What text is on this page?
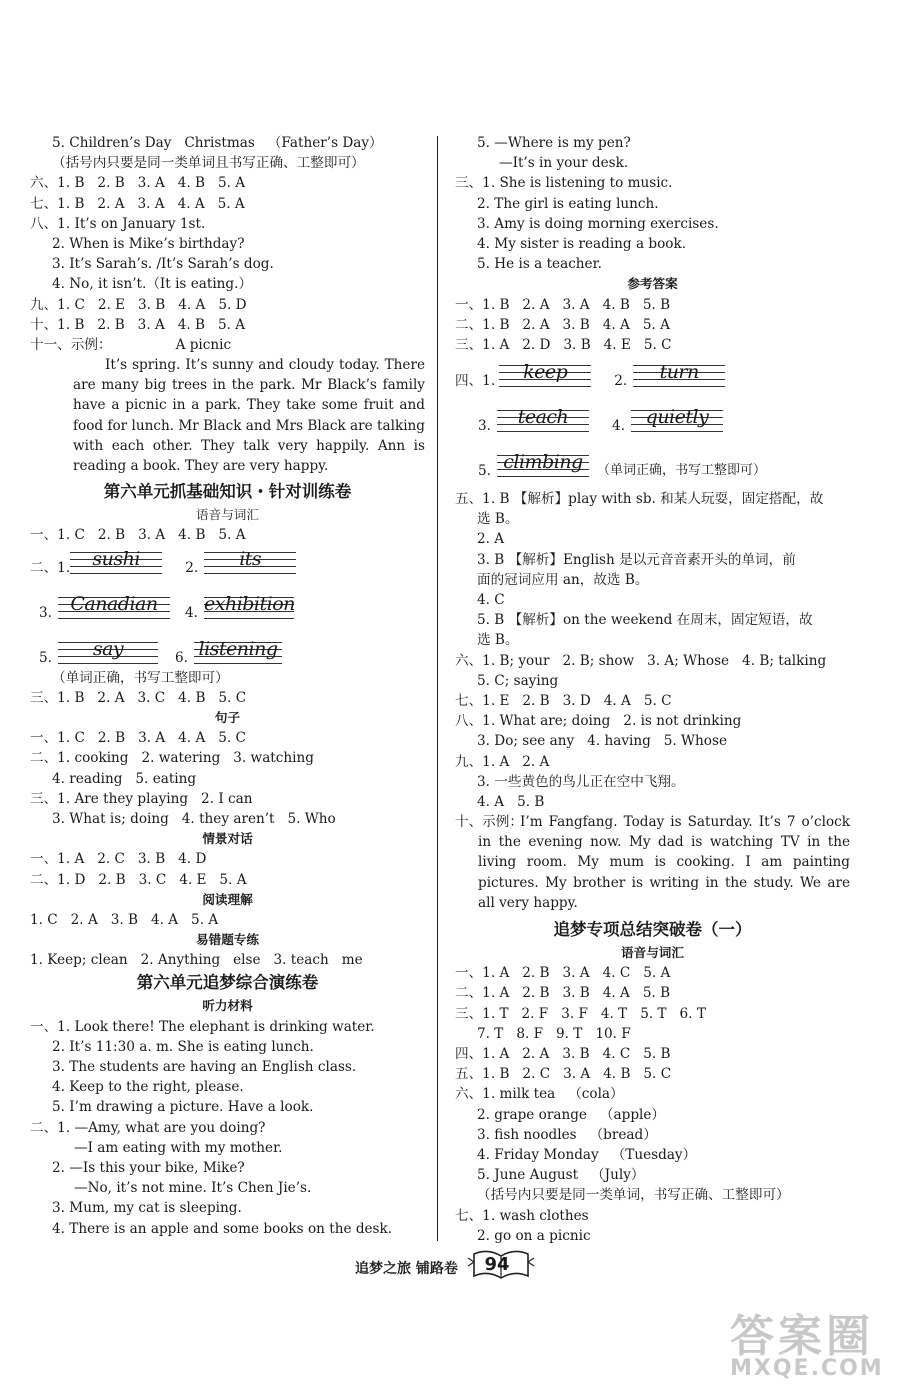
5. Children’s Day   Christmas   （Father’s Day）
（括号内只要是同一类单词且书写正确、工整即可）
六、1. B   2. B   3. A   4. B   5. A
七、1. B   2. A   3. A   4. A   5. A
八、1. It’s on January 1st.
2. When is Mike’s birthday?
3. It’s Sarah’s. /It’s Sarah’s dog.
4. No, it isn’t.（It is eating.）
九、1. C   2. E   3. B   4. A   5. D
十、1. B   2. B   3. A   4. B   5. A
十一、示例：	A picnic
It’s spring. It’s sunny and cloudy today. There are many big trees in the park. Mr Black’s family have a picnic in a park. They take some fruit and food for lunch. Mr Black and Mrs Black are talking with each other. They talk very happily. Ann is reading a book. They are very happy.
第六单元抓基础知识・针对训练卷
语音与词汇
一、1. C   2. B   3. A   4. B   5. A
二、1.	sushi	2.	its
3. Canadian	4. exhibition
5.	say	6. listening
（单词正确，书写工整即可）
三、1. B   2. A   3. C   4. B   5. C
句子
一、1. C   2. B   3. A   4. A   5. C
二、1. cooking   2. watering   3. watching
4. reading   5. eating
三、1. Are they playing   2. I can
3. What is; doing   4. they aren’t   5. Who
情景对话
一、1. A   2. C   3. B   4. D
二、1. D   2. B   3. C   4. E   5. A
阅读理解
1. C   2. A   3. B   4. A   5. A
易错题专练
1. Keep; clean   2. Anything   else   3. teach   me
第六单元追梦综合演练卷
听力材料
一、1. Look there! The elephant is drinking water.
2. It’s 11:30 a. m. She is eating lunch.
3. The students are having an English class.
4. Keep to the right, please.
5. I’m drawing a picture. Have a look.
二、1. —Amy, what are you doing?
—I am eating with my mother.
2. —Is this your bike, Mike?
—No, it’s not mine. It’s Chen Jie’s.
3. Mum, my cat is sleeping.
4. There is an apple and some books on the desk.
5. —Where is my pen?
—It’s in your desk.
三、1. She is listening to music.
2. The girl is eating lunch.
3. Amy is doing morning exercises.
4. My sister is reading a book.
5. He is a teacher.
参考答案
一、1. B   2. A   3. A   4. B   5. B
二、1. B   2. A   3. B   4. A   5. A
三、1. A   2. D   3. B   4. E   5. C
四、1.	keep	2.	turn
3.	teach	4.	quietly
5. climbing	（单词正确，书写工整即可）
五、1. B 【解析】play with sb. 和某人玩耍，固定搭配，故
选 B。
2. A
3. B 【解析】English 是以元音音素开头的单词，前
面的冠词应用 an，故选 B。
4. C
5. B 【解析】on the weekend 在周末，固定短语，故
选 B。
六、1. B; your   2. B; show   3. A; Whose   4. B; talking
5. C; saying
七、1. E   2. B   3. D   4. A   5. C
八、1. What are; doing   2. is not drinking
3. Do; see any   4. having   5. Whose
九、1. A   2. A
3. 一些黄色的鸟儿正在空中飞翔。
4. A   5. B
十、示例：
I’m Fangfang. Today is Saturday. It’s 7 o’clock in the evening now. My dad is watching TV in the living room. My mum is cooking. I am painting pictures. My brother is writing in the study. We are all very happy.
追梦专项总结突破卷（一）
语音与词汇
一、1. A   2. B   3. A   4. C   5. A
二、1. A   2. B   3. B   4. A   5. B
三、1. T   2. F   3. F   4. T   5. T   6. T
7. T   8. F   9. T   10. F
四、1. A   2. A   3. B   4. C   5. B
五、1. B   2. C   3. A   4. B   5. C
六、1. milk tea   （cola）
2. grape orange   （apple）
3. fish noodles   （bread）
4. Friday Monday   （Tuesday）
5. June August   （July）
（括号内只要是同一类单词，书写正确、工整即可）
七、1. wash clothes
2. go on a picnic
追梦之旅 铺路卷	94
答案圈
MXQE.COM
